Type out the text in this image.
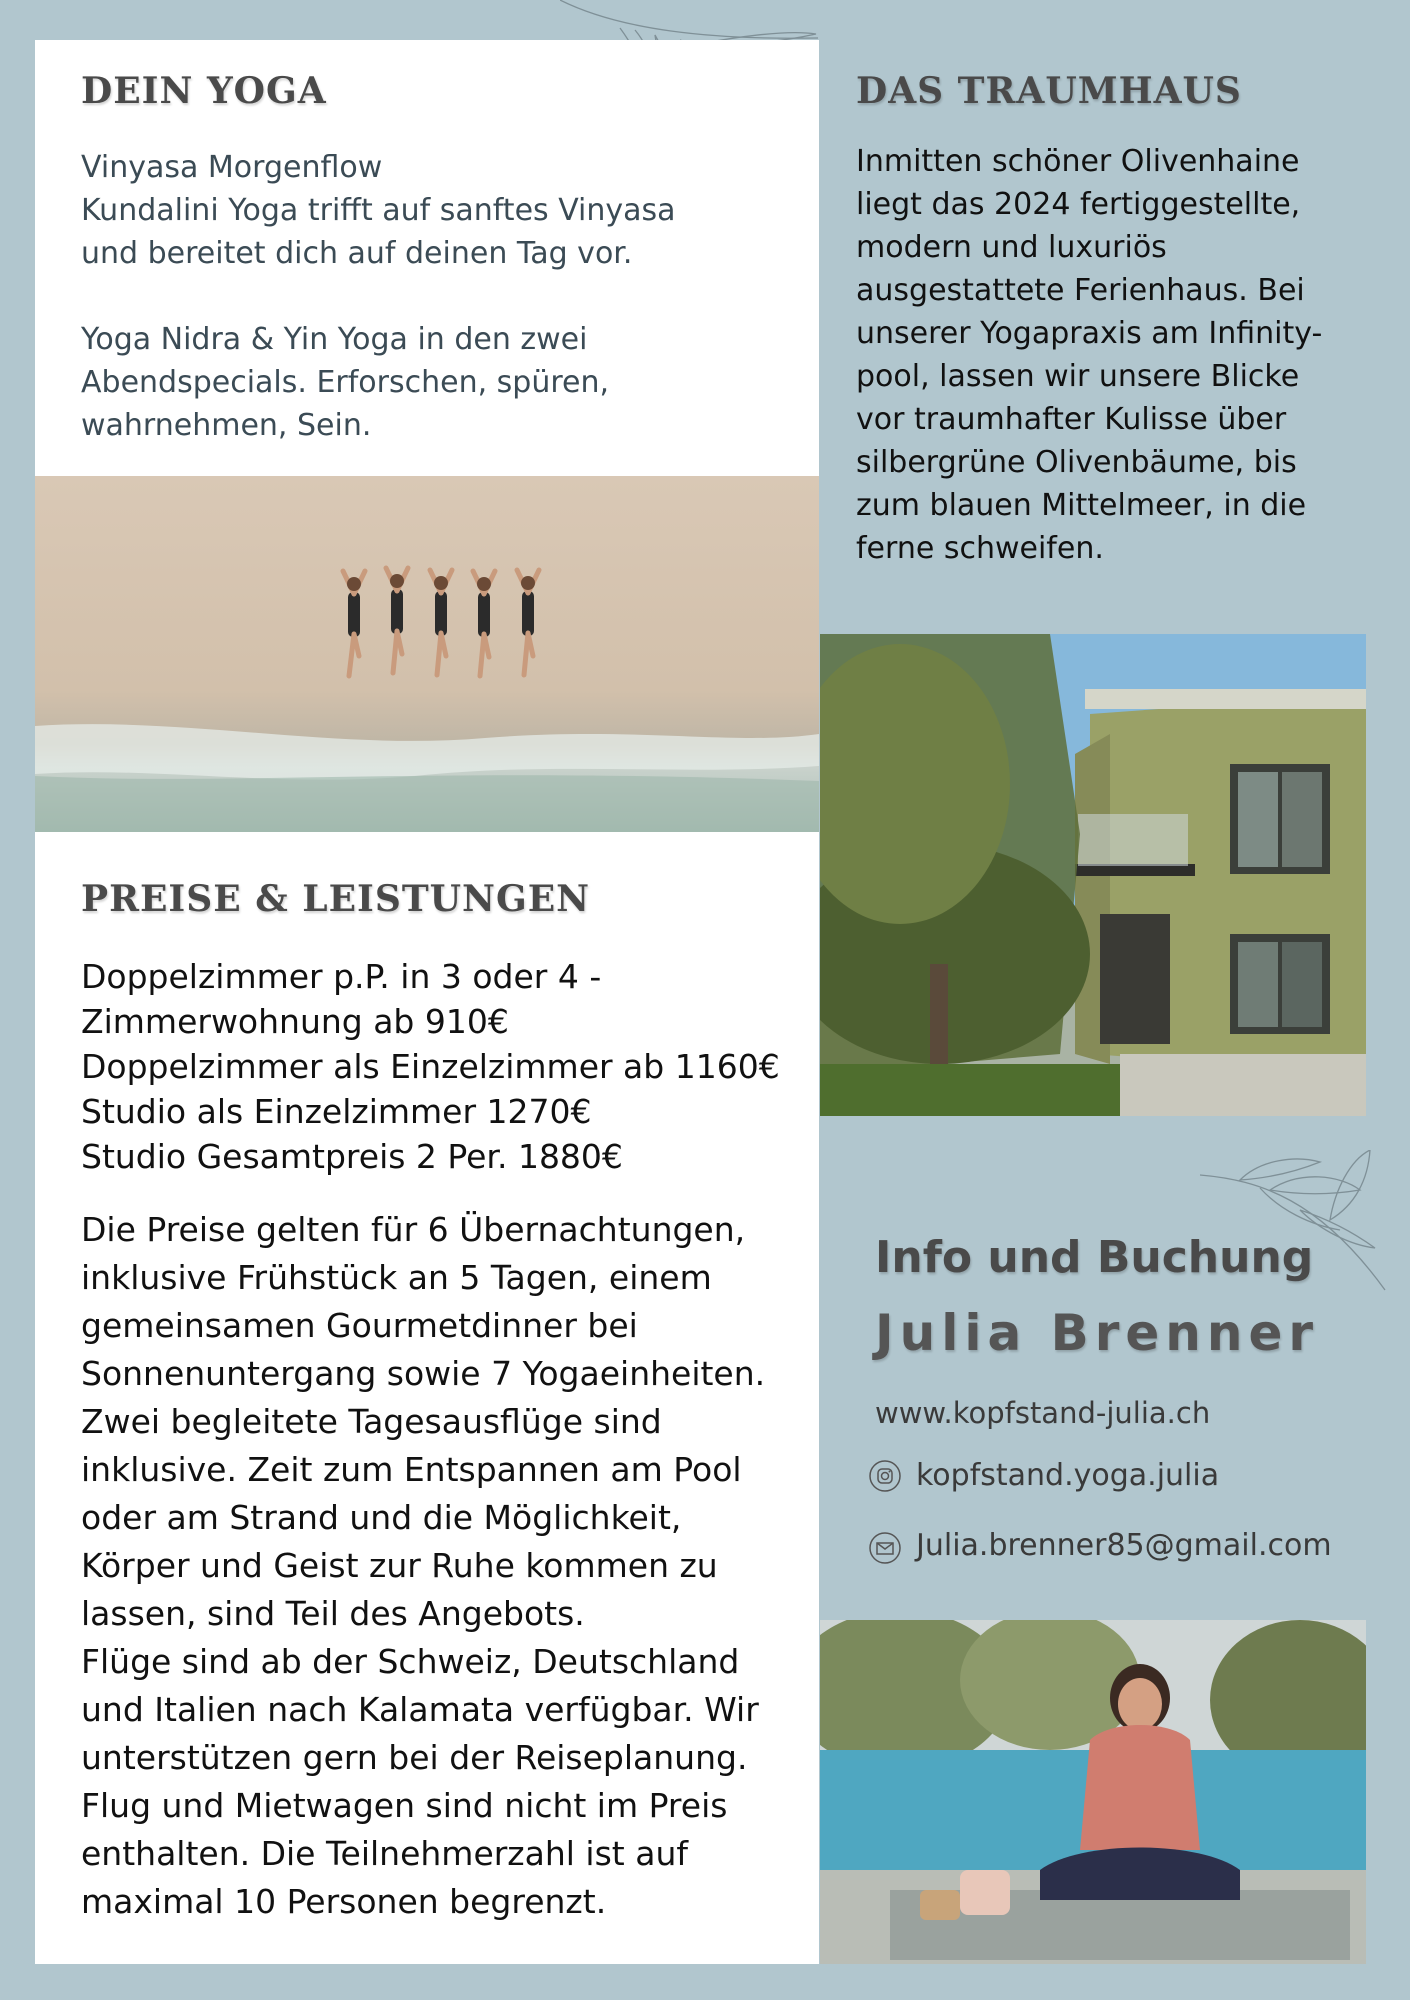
DEIN YOGA

Vinyasa Morgenflow
Kundalini Yoga trifft auf sanftes Vinyasa
und bereitet dich auf deinen Tag vor.

Yoga Nidra & Yin Yoga in den zwei
Abendspecials. Erforschen, spüren,
wahrnehmen, Sein.

PREISE & LEISTUNGEN

Doppelzimmer p.P. in 3 oder 4 -
Zimmerwohnung ab 910€
Doppelzimmer als Einzelzimmer ab 1160€
Studio als Einzelzimmer 1270€
Studio Gesamtpreis 2 Per. 1880€

Die Preise gelten für 6 Übernachtungen,
inklusive Frühstück an 5 Tagen, einem
gemeinsamen Gourmetdinner bei
Sonnenuntergang sowie 7 Yogaeinheiten.
Zwei begleitete Tagesausflüge sind
inklusive. Zeit zum Entspannen am Pool
oder am Strand und die Möglichkeit,
Körper und Geist zur Ruhe kommen zu
lassen, sind Teil des Angebots.
Flüge sind ab der Schweiz, Deutschland
und Italien nach Kalamata verfügbar. Wir
unterstützen gern bei der Reiseplanung.
Flug und Mietwagen sind nicht im Preis
enthalten. Die Teilnehmerzahl ist auf
maximal 10 Personen begrenzt.

DAS TRAUMHAUS

Inmitten schöner Olivenhaine
liegt das 2024 fertiggestellte,
modern und luxuriös
ausgestattete Ferienhaus. Bei
unserer Yogapraxis am Infinity-
pool, lassen wir unsere Blicke
vor traumhafter Kulisse über
silbergrüne Olivenbäume, bis
zum blauen Mittelmeer, in die
ferne schweifen.

Info und Buchung
Julia Brenner
www.kopfstand-julia.ch
kopfstand.yoga.julia
Julia.brenner85@gmail.com
